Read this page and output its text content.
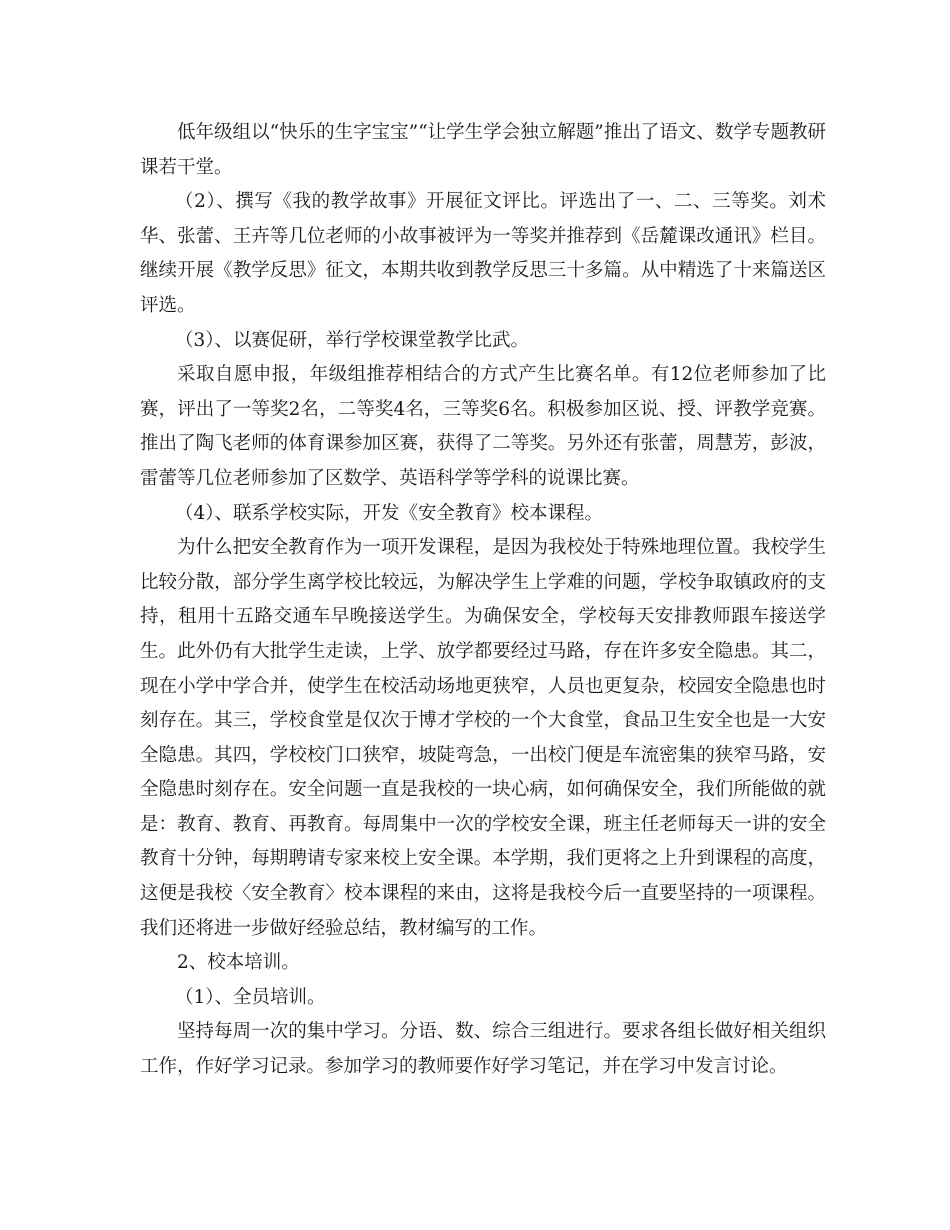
低年级组以“快乐的生字宝宝”“让学生学会独立解题”推出了语文、数学专题教研课若干堂。

（2）、撰写《我的教学故事》开展征文评比。评选出了一、二、三等奖。刘术华、张蕾、王卉等几位老师的小故事被评为一等奖并推荐到《岳麓课改通讯》栏目。继续开展《教学反思》征文，本期共收到教学反思三十多篇。从中精选了十来篇送区评选。

（3）、以赛促研，举行学校课堂教学比武。

采取自愿申报，年级组推荐相结合的方式产生比赛名单。有12位老师参加了比赛，评出了一等奖2名，二等奖4名，三等奖6名。积极参加区说、授、评教学竞赛。推出了陶飞老师的体育课参加区赛，获得了二等奖。另外还有张蕾，周慧芳，彭波，雷蕾等几位老师参加了区数学、英语科学等学科的说课比赛。

（4）、联系学校实际，开发《安全教育》校本课程。

为什么把安全教育作为一项开发课程，是因为我校处于特殊地理位置。我校学生比较分散，部分学生离学校比较远，为解决学生上学难的问题，学校争取镇政府的支持，租用十五路交通车早晚接送学生。为确保安全，学校每天安排教师跟车接送学生。此外仍有大批学生走读，上学、放学都要经过马路，存在许多安全隐患。其二，现在小学中学合并，使学生在校活动场地更狭窄，人员也更复杂，校园安全隐患也时刻存在。其三，学校食堂是仅次于博才学校的一个大食堂，食品卫生安全也是一大安全隐患。其四，学校校门口狭窄，坡陡弯急，一出校门便是车流密集的狭窄马路，安全隐患时刻存在。安全问题一直是我校的一块心病，如何确保安全，我们所能做的就是：教育、教育、再教育。每周集中一次的学校安全课，班主任老师每天一讲的安全教育十分钟，每期聘请专家来校上安全课。本学期，我们更将之上升到课程的高度，这便是我校〈安全教育〉校本课程的来由，这将是我校今后一直要坚持的一项课程。我们还将进一步做好经验总结，教材编写的工作。

2、校本培训。

（1）、全员培训。

坚持每周一次的集中学习。分语、数、综合三组进行。要求各组长做好相关组织工作，作好学习记录。参加学习的教师要作好学习笔记，并在学习中发言讨论。
